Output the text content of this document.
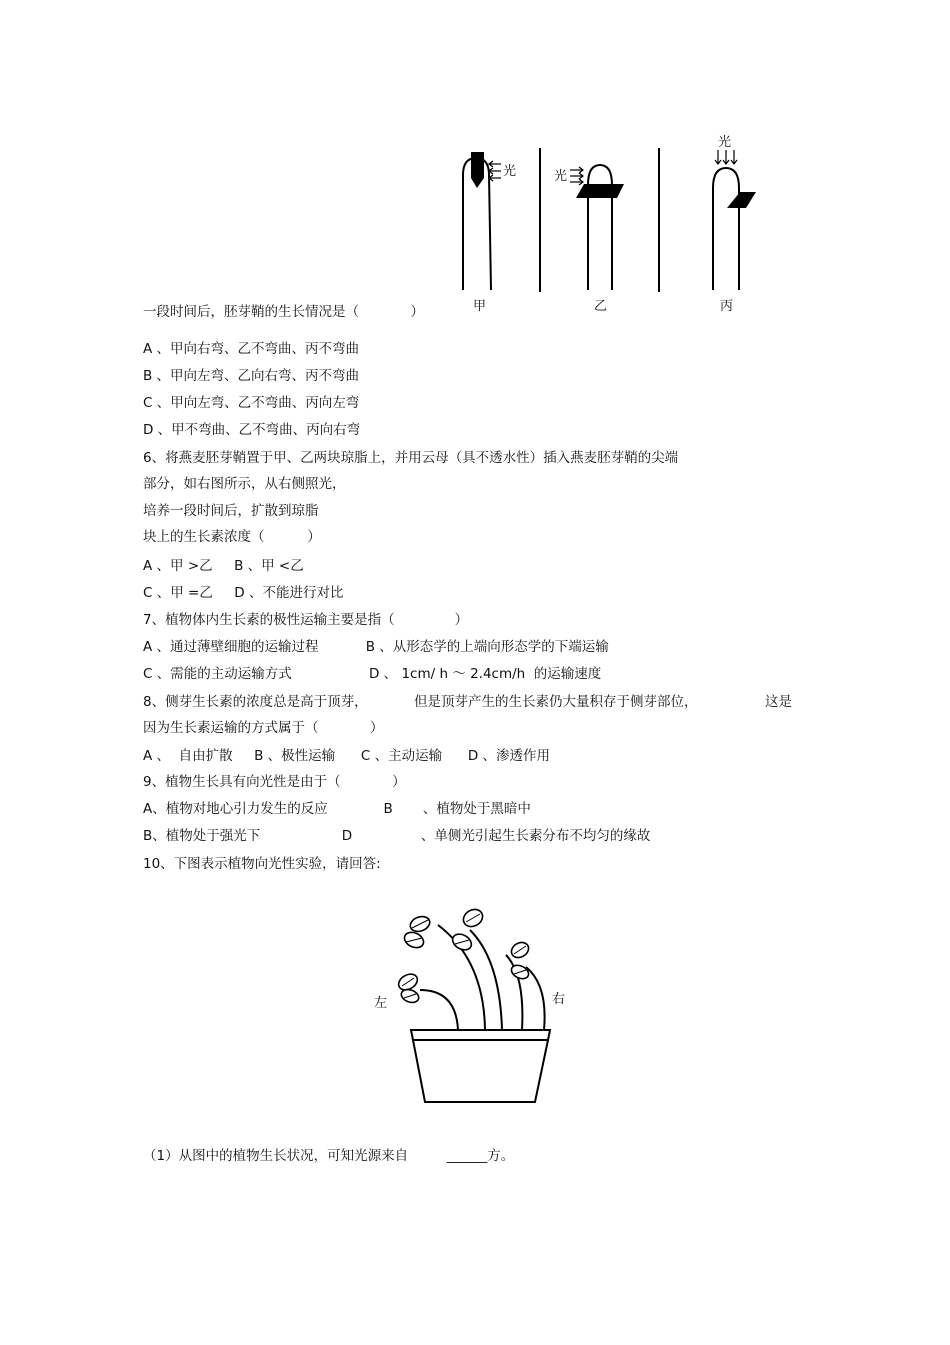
光	光
光
甲	乙	丙
一段时间后，胚芽鞘的生长情况是（            ）
A 、甲向右弯、乙不弯曲、丙不弯曲
B 、甲向左弯、乙向右弯、丙不弯曲
C 、甲向左弯、乙不弯曲、丙向左弯
D 、甲不弯曲、乙不弯曲、丙向右弯
6、将燕麦胚芽鞘置于甲、乙两块琼脂上，并用云母（具不透水性）插入燕麦胚芽鞘的尖端
部分，如右图所示，从右侧照光，
培养一段时间后，扩散到琼脂
块上的生长素浓度（          ）
A 、甲 >乙     B 、甲 <乙
C 、甲 =乙     D 、不能进行对比
7、植物体内生长素的极性运输主要是指（              ）
A 、通过薄壁细胞的运输过程           B 、从形态学的上端向形态学的下端运输
C 、需能的主动运输方式                  D 、 1cm/ h ～ 2.4cm/h  的运输速度
8、侧芽生长素的浓度总是高于顶芽，	但是顶芽产生的生长素仍大量积存于侧芽部位，	这是
因为生长素运输的方式属于（            ）
A 、  自由扩散     B 、极性运输      C 、主动运输      D 、渗透作用
9、植物生长具有向光性是由于（            ）
A、植物对地心引力发生的反应             B       、植物处于黑暗中
B、植物处于强光下                   D                、单侧光引起生长素分布不均匀的缘故
10、下图表示植物向光性实验，请回答:
左	右
（1）从图中的植物生长状况，可知光源来自         ______方。
